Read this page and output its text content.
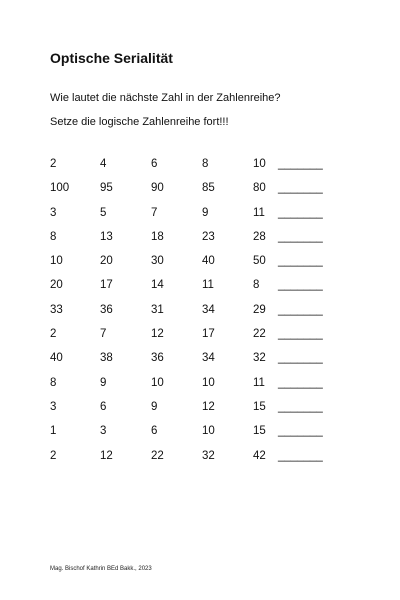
Optische Serialität
Wie lautet die nächste Zahl in der Zahlenreihe?
Setze die logische Zahlenreihe fort!!!
2	4	6	8	10 _______
100	95	90	85	80 _______
3	5	7	9	11 _______
8	13	18	23	28 _______
10	20	30	40	50 _______
20	17	14	11	8 _______
33	36	31	34	29 _______
2	7	12	17	22 _______
40	38	36	34	32 _______
8	9	10	10	11 _______
3	6	9	12	15 _______
1	3	6	10	15 _______
2	12	22	32	42 _______
Mag. Bischof Kathrin BEd Bakk., 2023
